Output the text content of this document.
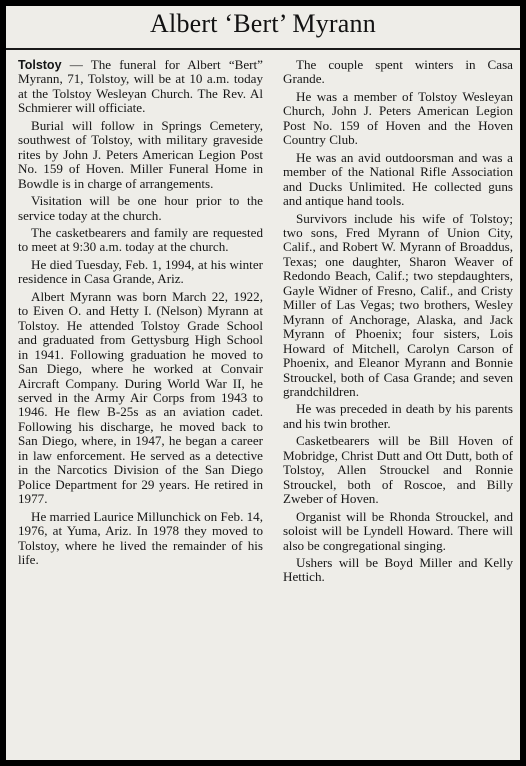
Albert ‘Bert’ Myrann

Tolstoy — The funeral for Albert “Bert” Myrann, 71, Tolstoy, will be at 10 a.m. today at the Tolstoy Wesleyan Church. The Rev. Al Schmierer will officiate.

Burial will follow in Springs Cemetery, southwest of Tolstoy, with military graveside rites by John J. Peters American Legion Post No. 159 of Hoven. Miller Funeral Home in Bowdle is in charge of arrangements.

Visitation will be one hour prior to the service today at the church.

The casketbearers and family are requested to meet at 9:30 a.m. today at the church.

He died Tuesday, Feb. 1, 1994, at his winter residence in Casa Grande, Ariz.

Albert Myrann was born March 22, 1922, to Eiven O. and Hetty I. (Nelson) Myrann at Tolstoy. He attended Tolstoy Grade School and graduated from Gettysburg High School in 1941. Following graduation he moved to San Diego, where he worked at Convair Aircraft Company. During World War II, he served in the Army Air Corps from 1943 to 1946. He flew B-25s as an aviation cadet. Following his discharge, he moved back to San Diego, where, in 1947, he began a career in law enforcement. He served as a detective in the Narcotics Division of the San Diego Police Department for 29 years. He retired in 1977.

He married Laurice Millunchick on Feb. 14, 1976, at Yuma, Ariz. In 1978 they moved to Tolstoy, where he lived the remainder of his life.

The couple spent winters in Casa Grande.

He was a member of Tolstoy Wesleyan Church, John J. Peters American Legion Post No. 159 of Hoven and the Hoven Country Club.

He was an avid outdoorsman and was a member of the National Rifle Association and Ducks Unlimited. He collected guns and antique hand tools.

Survivors include his wife of Tolstoy; two sons, Fred Myrann of Union City, Calif., and Robert W. Myrann of Broaddus, Texas; one daughter, Sharon Weaver of Redondo Beach, Calif.; two stepdaughters, Gayle Widner of Fresno, Calif., and Cristy Miller of Las Vegas; two brothers, Wesley Myrann of Anchorage, Alaska, and Jack Myrann of Phoenix; four sisters, Lois Howard of Mitchell, Carolyn Carson of Phoenix, and Eleanor Myrann and Bonnie Strouckel, both of Casa Grande; and seven grandchildren.

He was preceded in death by his parents and his twin brother.

Casketbearers will be Bill Hoven of Mobridge, Christ Dutt and Ott Dutt, both of Tolstoy, Allen Strouckel and Ronnie Strouckel, both of Roscoe, and Billy Zweber of Hoven.

Organist will be Rhonda Strouckel, and soloist will be Lyndell Howard. There will also be congregational singing.

Ushers will be Boyd Miller and Kelly Hettich.
